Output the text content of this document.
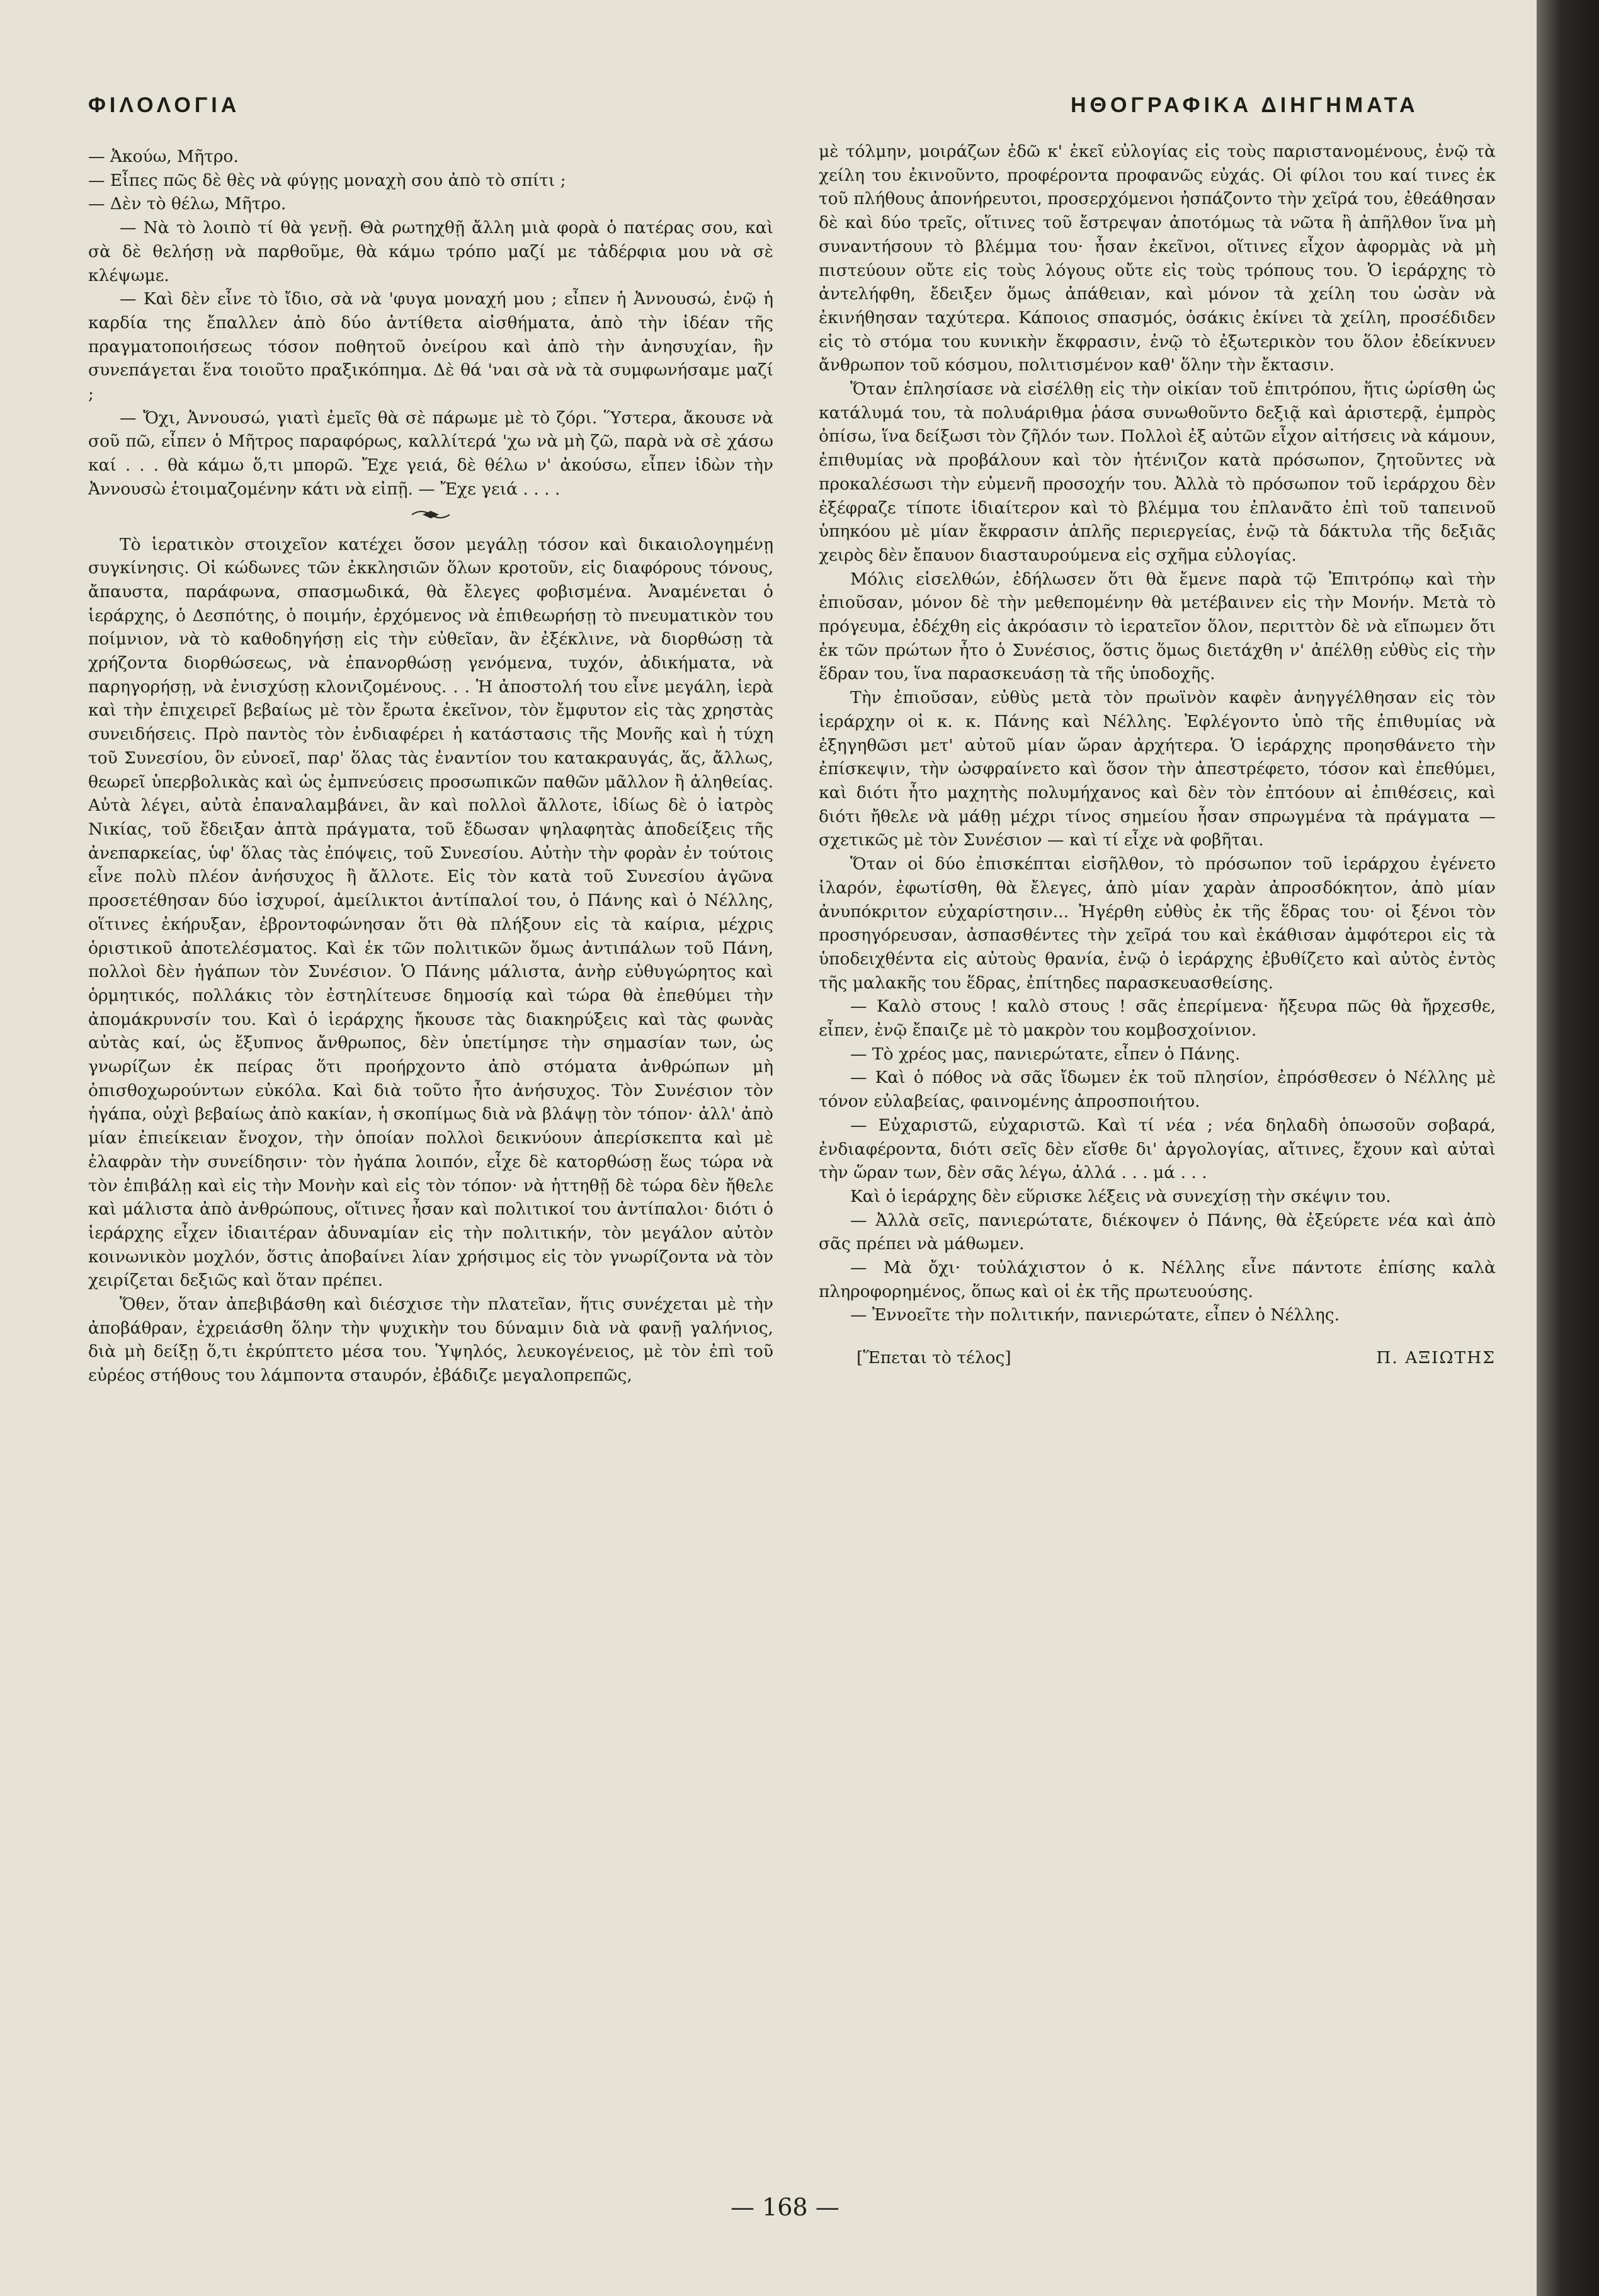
ΦΙΛΟΛΟΓΙΑ	ΗΘΟΓΡΑΦΙΚΑ ΔΙΗΓΗΜΑΤΑ

— Ἀκούω, Μῆτρο.

— Εἶπες πῶς δὲ θὲς νὰ φύγῃς μοναχὴ σου ἀπὸ τὸ σπίτι ;

— Δὲν τὸ θέλω, Μῆτρο.

— Νὰ τὸ λοιπὸ τί θὰ γενῇ. Θὰ ρωτηχθῇ ἄλλη μιὰ φορὰ ὁ πατέρας σου, καὶ σὰ δὲ θελήσῃ νὰ παρθοῦμε, θὰ κάμω τρόπο μαζί με τἀδέρφια μου νὰ σὲ κλέψωμε.

— Καὶ δὲν εἶνε τὸ ἴδιο, σὰ νὰ 'φυγα μοναχή μου ; εἶπεν ἡ Ἀννουσώ, ἐνῷ ἡ καρδία της ἔπαλλεν ἀπὸ δύο ἀντίθετα αἰσθήματα, ἀπὸ τὴν ἰδέαν τῆς πραγματοποιήσεως τόσον ποθητοῦ ὀνείρου καὶ ἀπὸ τὴν ἀνησυχίαν, ἣν συνεπάγεται ἕνα τοιοῦτο πραξικόπημα. Δὲ θά 'ναι σὰ νὰ τὰ συμφωνήσαμε μαζί ;

— Ὄχι, Ἀννουσώ, γιατὶ ἐμεῖς θὰ σὲ πάρωμε μὲ τὸ ζόρι. Ὕστερα, ἄκουσε νὰ σοῦ πῶ, εἶπεν ὁ Μῆτρος παραφόρως, καλλίτερά 'χω νὰ μὴ ζῶ, παρὰ νὰ σὲ χάσω καί . . . θὰ κάμω ὅ,τι μπορῶ. Ἔχε γειά, δὲ θέλω ν' ἀκούσω, εἶπεν ἰδὼν τὴν Ἀννουσὼ ἑτοιμαζομένην κάτι νὰ εἰπῇ. — Ἔχε γειά . . . .

Τὸ ἱερατικὸν στοιχεῖον κατέχει ὅσον μεγάλῃ τόσον καὶ δικαιολογημένῃ συγκίνησις. Οἱ κώδωνες τῶν ἐκκλησιῶν ὅλων κροτοῦν, εἰς διαφόρους τόνους, ἄπαυστα, παράφωνα, σπασμωδικά, θὰ ἔλεγες φοβισμένα. Ἀναμένεται ὁ ἱεράρχης, ὁ Δεσπότης, ὁ ποιμήν, ἐρχόμενος νὰ ἐπιθεωρήσῃ τὸ πνευματικὸν του ποίμνιον, νὰ τὸ καθοδηγήσῃ εἰς τὴν εὐθεῖαν, ἂν ἐξέκλινε, νὰ διορθώσῃ τὰ χρήζοντα διορθώσεως, νὰ ἐπανορθώσῃ γενόμενα, τυχόν, ἀδικήματα, νὰ παρηγορήσῃ, νὰ ἐνισχύσῃ κλονιζομένους. . . Ἡ ἀποστολή του εἶνε μεγάλη, ἱερὰ καὶ τὴν ἐπιχειρεῖ βεβαίως μὲ τὸν ἔρωτα ἐκεῖνον, τὸν ἔμφυτον εἰς τὰς χρηστὰς συνειδήσεις. Πρὸ παντὸς τὸν ἐνδιαφέρει ἡ κατάστασις τῆς Μονῆς καὶ ἡ τύχη τοῦ Συνεσίου, ὃν εὐνοεῖ, παρ' ὅλας τὰς ἐναντίον του κατακραυγάς, ἅς, ἄλλως, θεωρεῖ ὑπερβολικὰς καὶ ὡς ἐμπνεύσεις προσωπικῶν παθῶν μᾶλλον ἢ ἀληθείας. Αὐτὰ λέγει, αὐτὰ ἐπαναλαμβάνει, ἂν καὶ πολλοὶ ἄλλοτε, ἰδίως δὲ ὁ ἰατρὸς Νικίας, τοῦ ἔδειξαν ἀπτὰ πράγματα, τοῦ ἔδωσαν ψηλαφητὰς ἀποδείξεις τῆς ἀνεπαρκείας, ὑφ' ὅλας τὰς ἐπόψεις, τοῦ Συνεσίου. Αὐτὴν τὴν φορὰν ἐν τούτοις εἶνε πολὺ πλέον ἀνήσυχος ἢ ἄλλοτε. Εἰς τὸν κατὰ τοῦ Συνεσίου ἀγῶνα προσετέθησαν δύο ἰσχυροί, ἀμείλικτοι ἀντίπαλοί του, ὁ Πάνης καὶ ὁ Νέλλης, οἵτινες ἐκήρυξαν, ἐβροντοφώνησαν ὅτι θὰ πλήξουν εἰς τὰ καίρια, μέχρις ὁριστικοῦ ἀποτελέσματος. Καὶ ἐκ τῶν πολιτικῶν ὅμως ἀντιπάλων τοῦ Πάνη, πολλοὶ δὲν ἠγάπων τὸν Συνέσιον. Ὁ Πάνης μάλιστα, ἀνὴρ εὐθυγώρητος καὶ ὁρμητικός, πολλάκις τὸν ἐστηλίτευσε δημοσίᾳ καὶ τώρα θὰ ἐπεθύμει τὴν ἀπομάκρυνσίν του. Καὶ ὁ ἱεράρχης ἤκουσε τὰς διακηρύξεις καὶ τὰς φωνὰς αὐτὰς καί, ὡς ἔξυπνος ἄνθρωπος, δὲν ὑπετίμησε τὴν σημασίαν των, ὡς γνωρίζων ἐκ πείρας ὅτι προήρχοντο ἀπὸ στόματα ἀνθρώπων μὴ ὀπισθοχωρούντων εὐκόλα. Καὶ διὰ τοῦτο ἦτο ἀνήσυχος. Τὸν Συνέσιον τὸν ἠγάπα, οὐχὶ βεβαίως ἀπὸ κακίαν, ἡ σκοπίμως διὰ νὰ βλάψῃ τὸν τόπον· ἀλλ' ἀπὸ μίαν ἐπιείκειαν ἔνοχον, τὴν ὁποίαν πολλοὶ δεικνύουν ἀπερίσκεπτα καὶ μὲ ἐλαφρὰν τὴν συνείδησιν· τὸν ἠγάπα λοιπόν, εἶχε δὲ κατορθώσῃ ἕως τώρα νὰ τὸν ἐπιβάλῃ καὶ εἰς τὴν Μονὴν καὶ εἰς τὸν τόπον· νὰ ἡττηθῇ δὲ τώρα δὲν ἤθελε καὶ μάλιστα ἀπὸ ἀνθρώπους, οἵτινες ἦσαν καὶ πολιτικοί του ἀντίπαλοι· διότι ὁ ἱεράρχης εἶχεν ἰδιαιτέραν ἀδυναμίαν εἰς τὴν πολιτικήν, τὸν μεγάλον αὐτὸν κοινωνικὸν μοχλόν, ὅστις ἀποβαίνει λίαν χρήσιμος εἰς τὸν γνωρίζοντα νὰ τὸν χειρίζεται δεξιῶς καὶ ὅταν πρέπει.

Ὅθεν, ὅταν ἀπεβιβάσθη καὶ διέσχισε τὴν πλατεῖαν, ἥτις συνέχεται μὲ τὴν ἀποβάθραν, ἐχρειάσθη ὅλην τὴν ψυχικὴν του δύναμιν διὰ νὰ φανῇ γαλήνιος, διὰ μὴ δείξῃ ὅ,τι ἐκρύπτετο μέσα του. Ὑψηλός, λευκογένειος, μὲ τὸν ἐπὶ τοῦ εὐρέος στήθους του λάμποντα σταυρόν, ἐβάδιζε μεγαλοπρεπῶς,

μὲ τόλμην, μοιράζων ἐδῶ κ' ἐκεῖ εὐλογίας εἰς τοὺς παριστανομένους, ἐνῷ τὰ χείλη του ἐκινοῦντο, προφέροντα προφανῶς εὐχάς. Οἱ φίλοι του καί τινες ἐκ τοῦ πλήθους ἀπονήρευτοι, προσερχόμενοι ἠσπάζοντο τὴν χεῖρά του, ἐθεάθησαν δὲ καὶ δύο τρεῖς, οἵτινες τοῦ ἔστρεψαν ἀποτόμως τὰ νῶτα ἢ ἀπῆλθον ἵνα μὴ συναντήσουν τὸ βλέμμα του· ἦσαν ἐκεῖνοι, οἵτινες εἶχον ἀφορμὰς νὰ μὴ πιστεύουν οὔτε εἰς τοὺς λόγους οὔτε εἰς τοὺς τρόπους του. Ὁ ἱεράρχης τὸ ἀντελήφθη, ἔδειξεν ὅμως ἀπάθειαν, καὶ μόνον τὰ χείλη του ὡσὰν νὰ ἐκινήθησαν ταχύτερα. Κάποιος σπασμός, ὁσάκις ἐκίνει τὰ χείλη, προσέδιδεν εἰς τὸ στόμα του κυνικὴν ἔκφρασιν, ἐνῷ τὸ ἐξωτερικὸν του ὅλον ἐδείκνυεν ἄνθρωπον τοῦ κόσμου, πολιτισμένον καθ' ὅλην τὴν ἔκτασιν.

Ὅταν ἐπλησίασε νὰ εἰσέλθῃ εἰς τὴν οἰκίαν τοῦ ἐπιτρόπου, ἥτις ὡρίσθη ὡς κατάλυμά του, τὰ πολυάριθμα ῥάσα συνωθοῦντο δεξιᾷ καὶ ἀριστερᾷ, ἐμπρὸς ὀπίσω, ἵνα δείξωσι τὸν ζῆλόν των. Πολλοὶ ἐξ αὐτῶν εἶχον αἰτήσεις νὰ κάμουν, ἐπιθυμίας νὰ προβάλουν καὶ τὸν ἠτένιζον κατὰ πρόσωπον, ζητοῦντες νὰ προκαλέσωσι τὴν εὐμενῆ προσοχήν του. Ἀλλὰ τὸ πρόσωπον τοῦ ἱεράρχου δὲν ἐξέφραζε τίποτε ἰδιαίτερον καὶ τὸ βλέμμα του ἐπλανᾶτο ἐπὶ τοῦ ταπεινοῦ ὑπηκόου μὲ μίαν ἔκφρασιν ἁπλῆς περιεργείας, ἐνῷ τὰ δάκτυλα τῆς δεξιᾶς χειρὸς δὲν ἔπαυον διασταυρούμενα εἰς σχῆμα εὐλογίας.

Μόλις εἰσελθών, ἐδήλωσεν ὅτι θὰ ἔμενε παρὰ τῷ Ἐπιτρόπῳ καὶ τὴν ἐπιοῦσαν, μόνον δὲ τὴν μεθεπομένην θὰ μετέβαινεν εἰς τὴν Μονήν. Μετὰ τὸ πρόγευμα, ἐδέχθη εἰς ἀκρόασιν τὸ ἱερατεῖον ὅλον, περιττὸν δὲ νὰ εἴπωμεν ὅτι ἐκ τῶν πρώτων ἦτο ὁ Συνέσιος, ὅστις ὅμως διετάχθη ν' ἀπέλθῃ εὐθὺς εἰς τὴν ἕδραν του, ἵνα παρασκευάσῃ τὰ τῆς ὑποδοχῆς.

Τὴν ἐπιοῦσαν, εὐθὺς μετὰ τὸν πρωϊνὸν καφὲν ἀνηγγέλθησαν εἰς τὸν ἱεράρχην οἱ κ. κ. Πάνης καὶ Νέλλης. Ἐφλέγοντο ὑπὸ τῆς ἐπιθυμίας νὰ ἐξηγηθῶσι μετ' αὐτοῦ μίαν ὥραν ἀρχήτερα. Ὁ ἱεράρχης προησθάνετο τὴν ἐπίσκεψιν, τὴν ὠσφραίνετο καὶ ὅσον τὴν ἀπεστρέφετο, τόσον καὶ ἐπεθύμει, καὶ διότι ἦτο μαχητὴς πολυμήχανος καὶ δὲν τὸν ἐπτόουν αἱ ἐπιθέσεις, καὶ διότι ἤθελε νὰ μάθῃ μέχρι τίνος σημείου ἦσαν σπρωγμένα τὰ πράγματα — σχετικῶς μὲ τὸν Συνέσιον — καὶ τί εἶχε νὰ φοβῆται.

Ὅταν οἱ δύο ἐπισκέπται εἰσῆλθον, τὸ πρόσωπον τοῦ ἱεράρχου ἐγένετο ἱλαρόν, ἐφωτίσθη, θὰ ἔλεγες, ἀπὸ μίαν χαρὰν ἀπροσδόκητον, ἀπὸ μίαν ἀνυπόκριτον εὐχαρίστησιν... Ἠγέρθη εὐθὺς ἐκ τῆς ἕδρας του· οἱ ξένοι τὸν προσηγόρευσαν, ἀσπασθέντες τὴν χεῖρά του καὶ ἐκάθισαν ἀμφότεροι εἰς τὰ ὑποδειχθέντα εἰς αὐτοὺς θρανία, ἐνῷ ὁ ἱεράρχης ἐβυθίζετο καὶ αὐτὸς ἐντὸς τῆς μαλακῆς του ἕδρας, ἐπίτηδες παρασκευασθείσης.

— Καλὸ στους ! καλὸ στους ! σᾶς ἐπερίμενα· ἤξευρα πῶς θὰ ἤρχεσθε, εἶπεν, ἐνῷ ἔπαιζε μὲ τὸ μακρὸν του κομβοσχοίνιον.

— Τὸ χρέος μας, πανιερώτατε, εἶπεν ὁ Πάνης.

— Καὶ ὁ πόθος νὰ σᾶς ἴδωμεν ἐκ τοῦ πλησίον, ἐπρόσθεσεν ὁ Νέλλης μὲ τόνον εὐλαβείας, φαινομένης ἀπροσποιήτου.

— Εὐχαριστῶ, εὐχαριστῶ. Καὶ τί νέα ; νέα δηλαδὴ ὁπωσοῦν σοβαρά, ἐνδιαφέροντα, διότι σεῖς δὲν εἴσθε δι' ἀργολογίας, αἴτινες, ἔχουν καὶ αὐταὶ τὴν ὥραν των, δὲν σᾶς λέγω, ἀλλά . . . μά . . .

Καὶ ὁ ἱεράρχης δὲν εὕρισκε λέξεις νὰ συνεχίσῃ τὴν σκέψιν του.

— Ἀλλὰ σεῖς, πανιερώτατε, διέκοψεν ὁ Πάνης, θὰ ἐξεύρετε νέα καὶ ἀπὸ σᾶς πρέπει νὰ μάθωμεν.

— Μὰ ὄχι· τοὐλάχιστον ὁ κ. Νέλλης εἶνε πάντοτε ἐπίσης καλὰ πληροφορημένος, ὅπως καὶ οἱ ἐκ τῆς πρωτευούσης.

— Ἐννοεῖτε τὴν πολιτικήν, πανιερώτατε, εἶπεν ὁ Νέλλης.

[Ἕπεται τὸ τέλος]	Π. ΑΞΙΩΤΗΣ
— 168 —
